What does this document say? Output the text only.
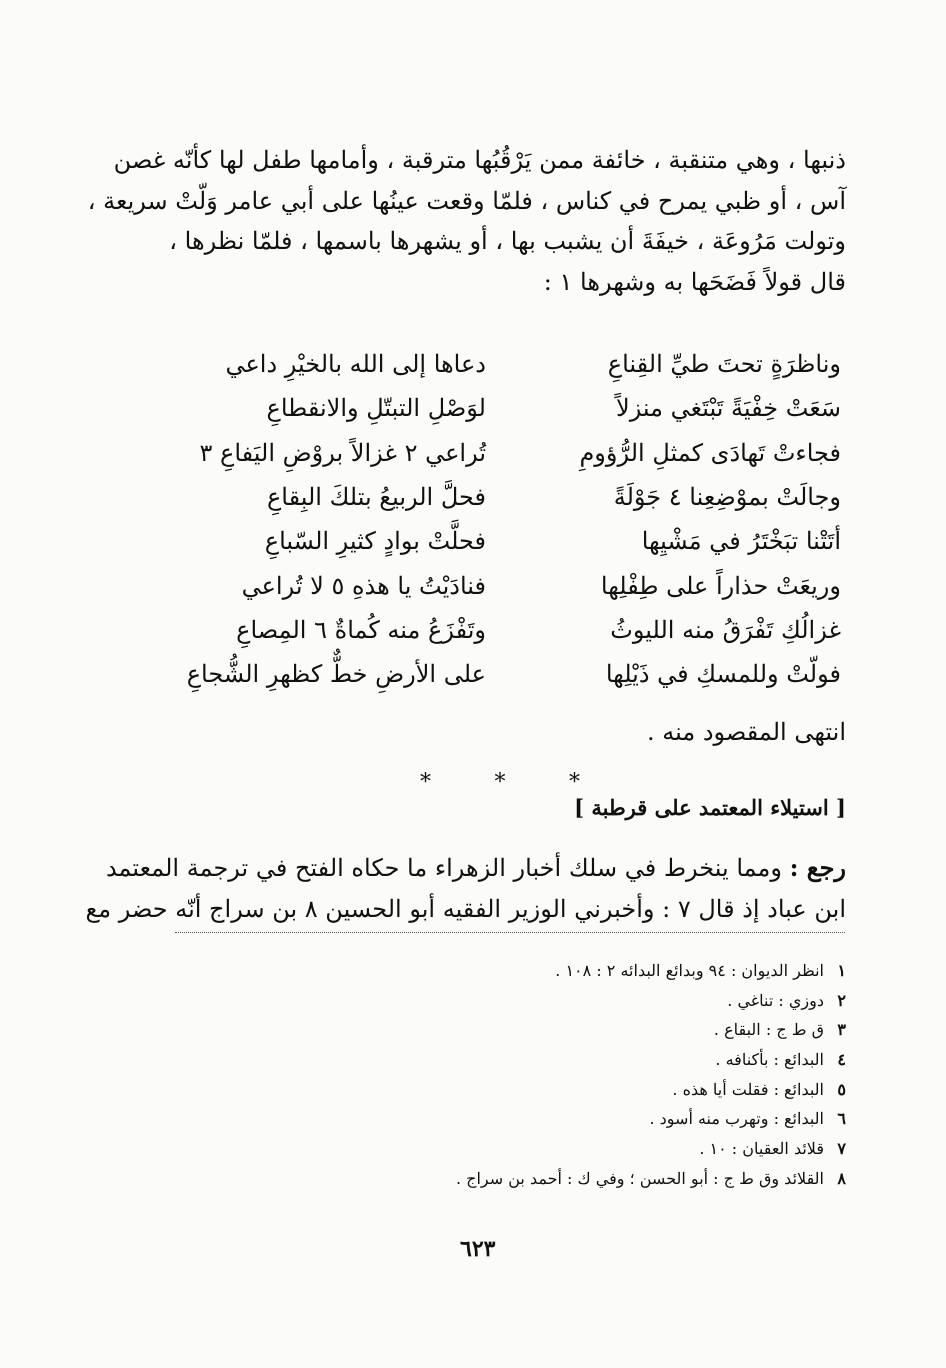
ذنبها ، وهي متنقبة ، خائفة ممن يَرْقُبُها مترقبة ، وأمامها طفل لها كأنّه غصن
آس ، أو ظبي يمرح في كناس ، فلمّا وقعت عينُها على أبي عامر وَلّتْ سريعة ،
وتولت مَرُوعَة ، خيفَةَ أن يشبب بها ، أو يشهرها باسمها ، فلمّا نظرها ،
قال قولاً فَضَحَها به وشهرها ١ :
وناظرَةٍ تحتَ طيِّ القِناعِ
دعاها إلى الله بالخيْرِ داعي
سَعَتْ خِفْيَةً تَبْتَغي منزلاً
لوَصْلِ التبتّلِ والانقطاعِ
فجاءتْ تَهادَى كمثلِ الرُّؤومِ
تُراعي ٢ غزالاً بروْضِ اليَفاعِ ٣
وجالَتْ بموْضِعِنا ٤ جَوْلَةً
فحلَّ الربيعُ بتلكَ البِقاعِ
أتَتْنا تبَخْتَرُ في مَشْيِها
فحلَّتْ بوادٍ كثيرِ السّباعِ
وريعَتْ حذاراً على طِفْلِها
فنادَيْتُ يا هذهِ ٥ لا تُراعي
غزالُكِ تَفْرَقُ منه الليوثُ
وتَفْزَعُ منه كُماةٌ ٦ المِصاعِ
فولّتْ وللمسكِ في ذَيْلِها
على الأرضِ خطٌّ كظهرِ الشُّجاعِ
انتهى المقصود منه .
*	*	*
[ استيلاء المعتمد على قرطبة ]
رجع : ومما ينخرط في سلك أخبار الزهراء ما حكاه الفتح في ترجمة المعتمد
ابن عباد إذ قال ٧ : وأخبرني الوزير الفقيه أبو الحسين ٨ بن سراج أنّه حضر مع
١انظر الديوان : ٩٤ وبدائع البدائه ٢ : ١٠٨ .
٢دوزي : تناغي .
٣ق ط ج : البقاع .
٤البدائع : بأكنافه .
٥البدائع : فقلت أيا هذه .
٦البدائع : وتهرب منه أسود .
٧قلائد العقيان : ١٠ .
٨القلائد وق ط ج : أبو الحسن ؛ وفي ك : أحمد بن سراج .
٦٢٣
